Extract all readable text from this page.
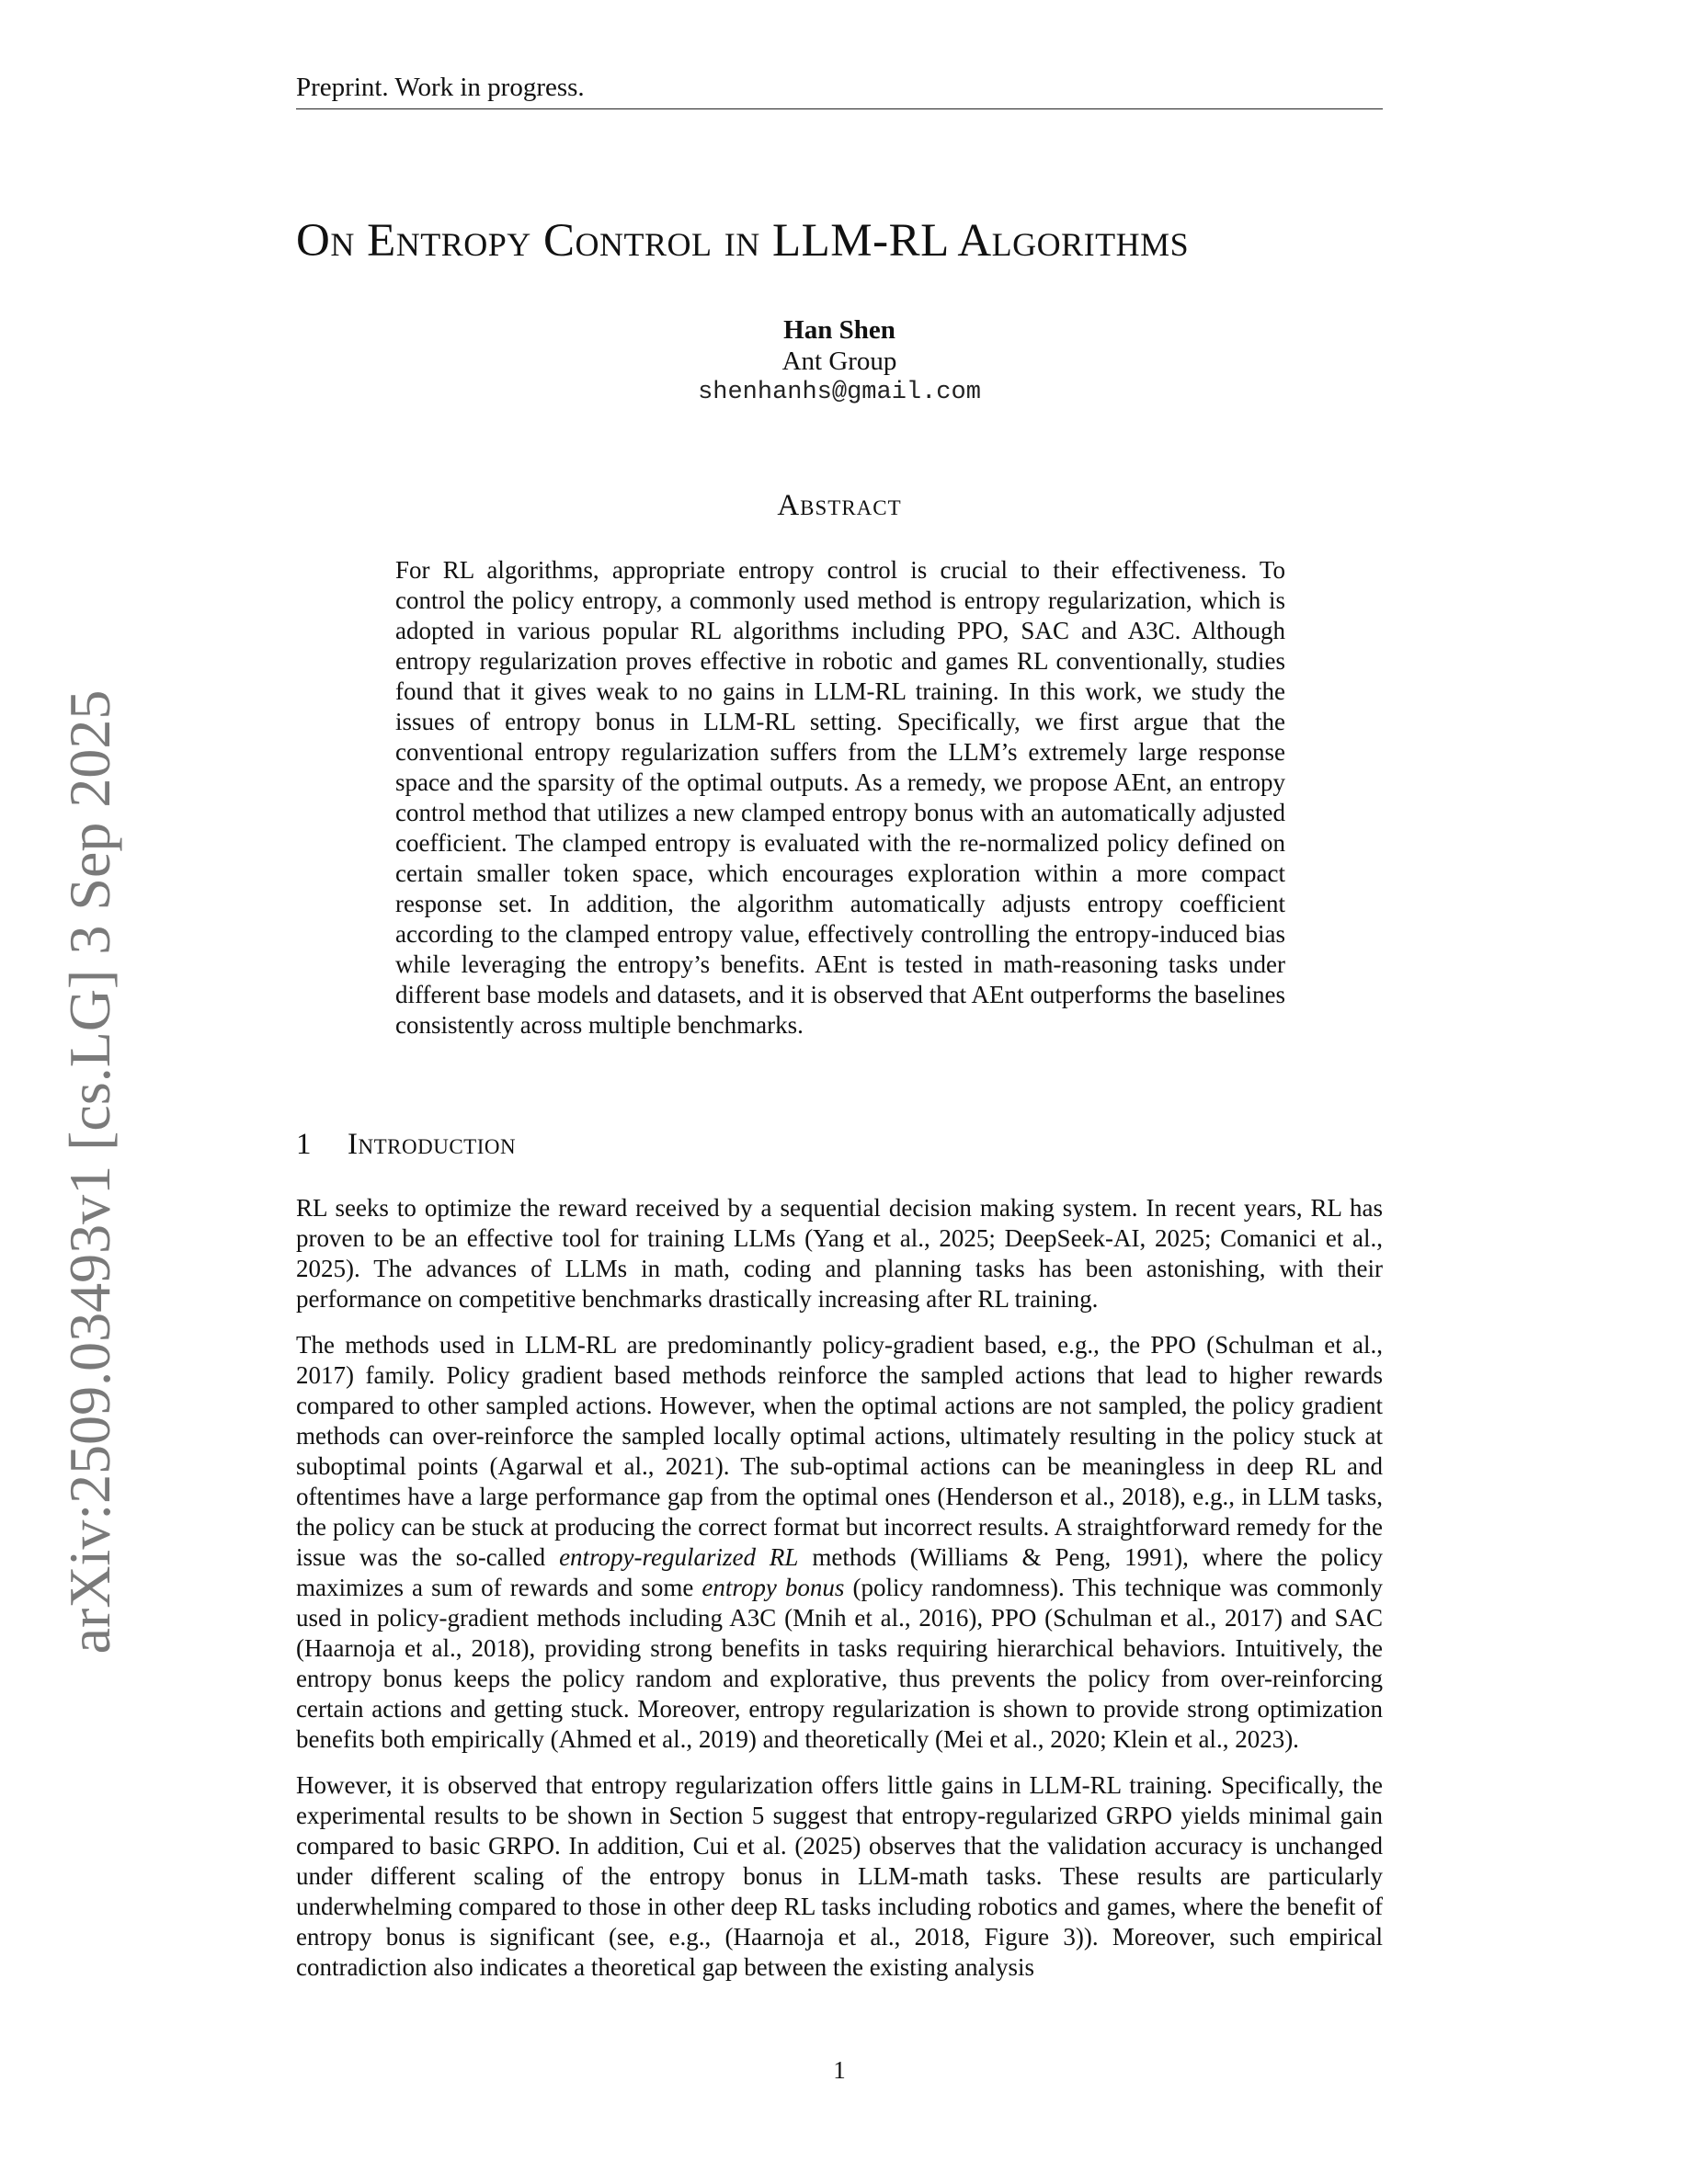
Preprint. Work in progress.
arXiv:2509.03493v1 [cs.LG] 3 Sep 2025
On Entropy Control in LLM-RL Algorithms
Han Shen
Ant Group
shenhanhs@gmail.com
Abstract

For RL algorithms, appropriate entropy control is crucial to their effectiveness. To control the policy entropy, a commonly used method is entropy regularization, which is adopted in various popular RL algorithms including PPO, SAC and A3C. Although entropy regularization proves effective in robotic and games RL conventionally, studies found that it gives weak to no gains in LLM-RL training. In this work, we study the issues of entropy bonus in LLM-RL setting. Specifically, we first argue that the conventional entropy regularization suffers from the LLM’s extremely large response space and the sparsity of the optimal outputs. As a remedy, we propose AEnt, an entropy control method that utilizes a new clamped entropy bonus with an automatically adjusted coefficient. The clamped entropy is evaluated with the re-normalized policy defined on certain smaller token space, which encourages exploration within a more compact response set. In addition, the algorithm automatically adjusts entropy coefficient according to the clamped entropy value, effectively controlling the entropy-induced bias while leveraging the entropy’s benefits. AEnt is tested in math-reasoning tasks under different base models and datasets, and it is observed that AEnt outperforms the baselines consistently across multiple benchmarks.

1 Introduction

RL seeks to optimize the reward received by a sequential decision making system. In recent years, RL has proven to be an effective tool for training LLMs (Yang et al., 2025; DeepSeek-AI, 2025; Comanici et al., 2025). The advances of LLMs in math, coding and planning tasks has been astonishing, with their performance on competitive benchmarks drastically increasing after RL training.

The methods used in LLM-RL are predominantly policy-gradient based, e.g., the PPO (Schulman et al., 2017) family. Policy gradient based methods reinforce the sampled actions that lead to higher rewards compared to other sampled actions. However, when the optimal actions are not sampled, the policy gradient methods can over-reinforce the sampled locally optimal actions, ultimately resulting in the policy stuck at suboptimal points (Agarwal et al., 2021). The sub-optimal actions can be meaningless in deep RL and oftentimes have a large performance gap from the optimal ones (Henderson et al., 2018), e.g., in LLM tasks, the policy can be stuck at producing the correct format but incorrect results. A straightforward remedy for the issue was the so-called entropy-regularized RL methods (Williams & Peng, 1991), where the policy maximizes a sum of rewards and some entropy bonus (policy randomness). This technique was commonly used in policy-gradient methods including A3C (Mnih et al., 2016), PPO (Schulman et al., 2017) and SAC (Haarnoja et al., 2018), providing strong benefits in tasks requiring hierarchical behaviors. Intuitively, the entropy bonus keeps the policy random and explorative, thus prevents the policy from over-reinforcing certain actions and getting stuck. Moreover, entropy regularization is shown to provide strong optimization benefits both empirically (Ahmed et al., 2019) and theoretically (Mei et al., 2020; Klein et al., 2023).

However, it is observed that entropy regularization offers little gains in LLM-RL training. Specifically, the experimental results to be shown in Section 5 suggest that entropy-regularized GRPO yields minimal gain compared to basic GRPO. In addition, Cui et al. (2025) observes that the validation accuracy is unchanged under different scaling of the entropy bonus in LLM-math tasks. These results are particularly underwhelming compared to those in other deep RL tasks including robotics and games, where the benefit of entropy bonus is significant (see, e.g., (Haarnoja et al., 2018, Figure 3)). Moreover, such empirical contradiction also indicates a theoretical gap between the existing analysis

1
